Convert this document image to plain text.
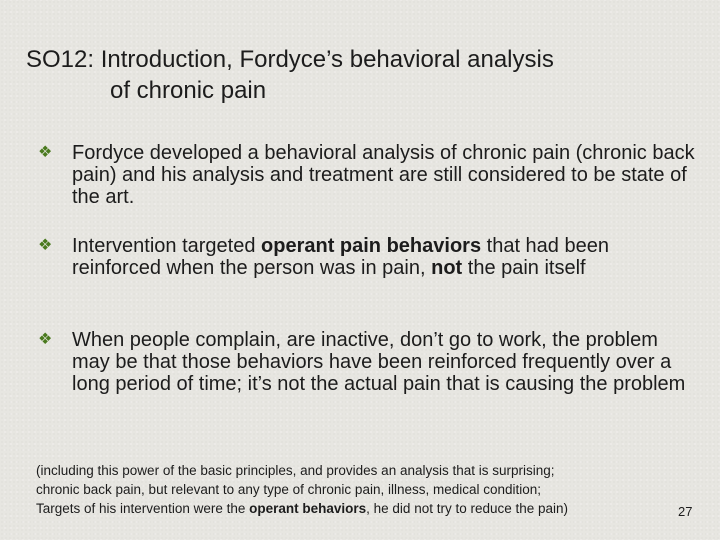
SO12: Introduction, Fordyce’s behavioral analysis
of chronic pain
❖ Fordyce developed a behavioral analysis of chronic pain (chronic back pain) and his analysis and treatment are still considered to be state of the art.
❖ Intervention targeted operant pain behaviors that had been reinforced when the person was in pain, not the pain itself
❖ When people complain, are inactive, don’t go to work, the problem may be that those behaviors have been reinforced frequently over a long period of time; it’s not the actual pain that is causing the problem
(including this power of the basic principles, and provides an analysis that is surprising;
chronic back pain, but relevant to any type of chronic pain, illness, medical condition;
Targets of his intervention were the operant behaviors, he did not try to reduce the pain)	27
